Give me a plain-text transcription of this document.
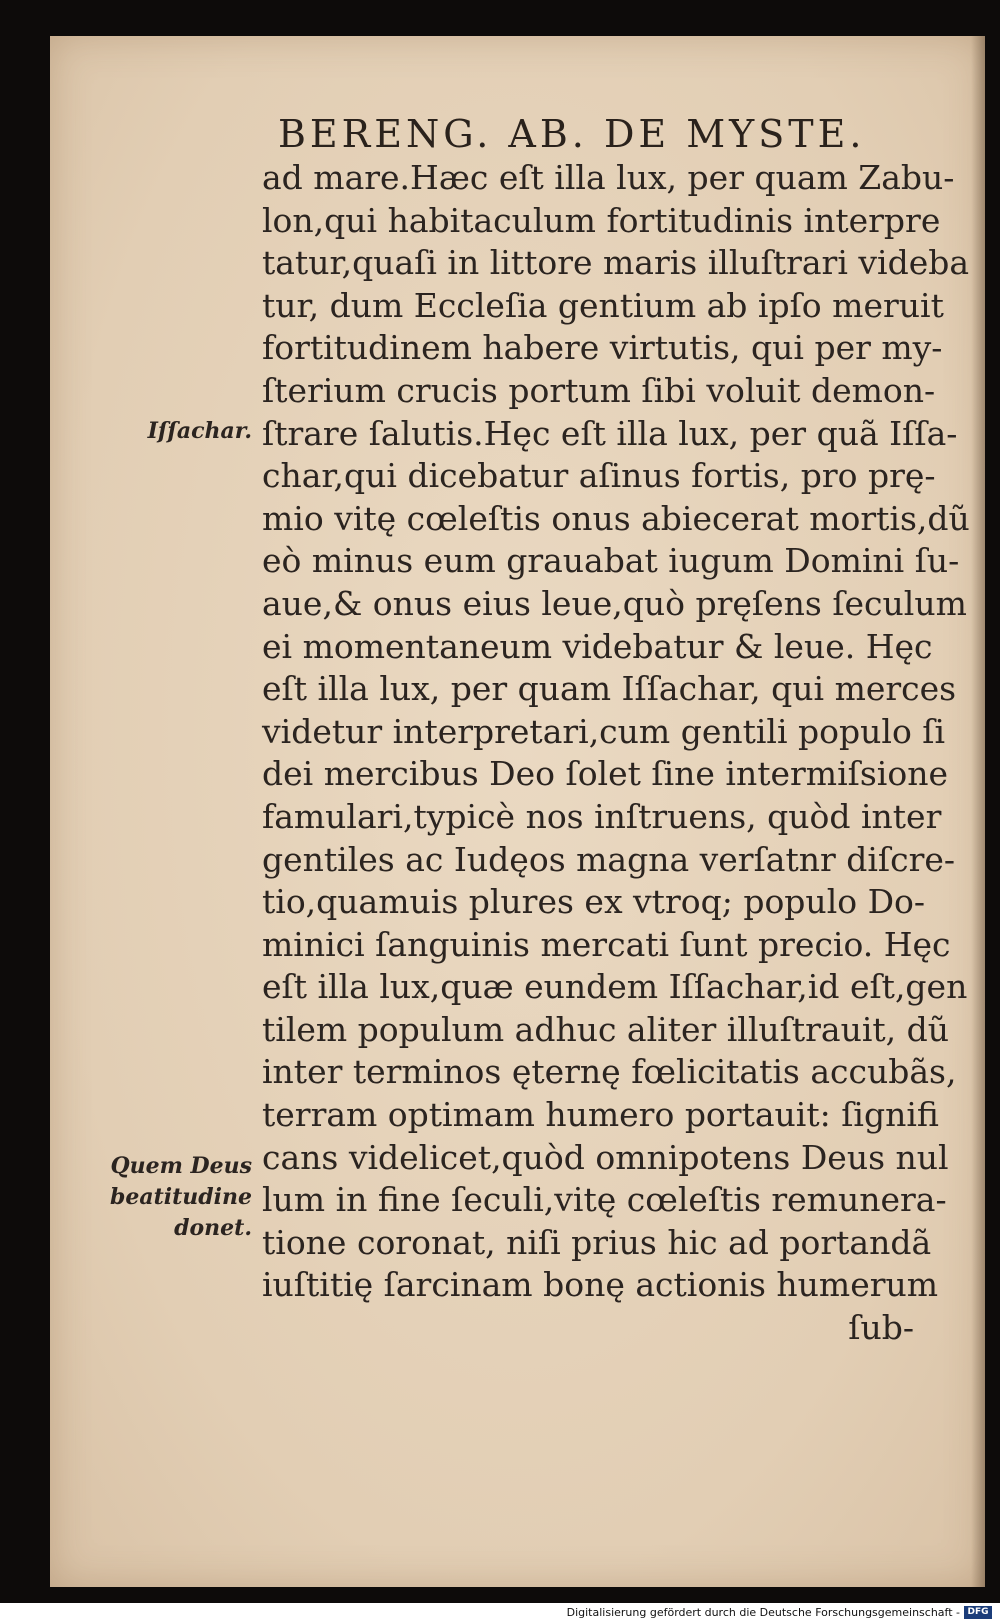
BERENG. AB. DE MYSTE.
Iſſachar.
Quem Deus
beatitudine
donet.
ad mare.Hæc eſt illa lux, per quam Zabu-
lon,qui habitaculum fortitudinis interpre
tatur,quaſi in littore maris illuſtrari videba
tur, dum Eccleſia gentium ab ipſo meruit
fortitudinem habere virtutis, qui per my-
ſterium crucis portum ſibi voluit demon-
ſtrare ſalutis.Hęc eſt illa lux, per quã Iſſa-
char,qui dicebatur aſinus fortis, pro prę-
mio vitę cœleſtis onus abiecerat mortis,dũ
eò minus eum grauabat iugum Domini ſu-
aue,& onus eius leue,quò pręſens ſeculum
ei momentaneum videbatur & leue. Hęc
eſt illa lux, per quam Iſſachar, qui merces
videtur interpretari,cum gentili populo ſi
dei mercibus Deo ſolet ſine intermiſsione
famulari,typicè nos inſtruens, quòd inter
gentiles ac Iudęos magna verſatnr diſcre-
tio,quamuis plures ex vtroq; populo Do-
minici ſanguinis mercati ſunt precio. Hęc
eſt illa lux,quæ eundem Iſſachar,id eſt,gen
tilem populum adhuc aliter illuſtrauit, dũ
inter terminos ęternę fœlicitatis accubãs,
terram optimam humero portauit: ſignifi
cans videlicet,quòd omnipotens Deus nul
lum in fine ſeculi,vitę cœleſtis remunera-
tione coronat, niſi prius hic ad portandã
iuſtitię ſarcinam bonę actionis humerum
ſub-
Digitalisierung gefördert durch die Deutsche Forschungsgemeinschaft - DFG
